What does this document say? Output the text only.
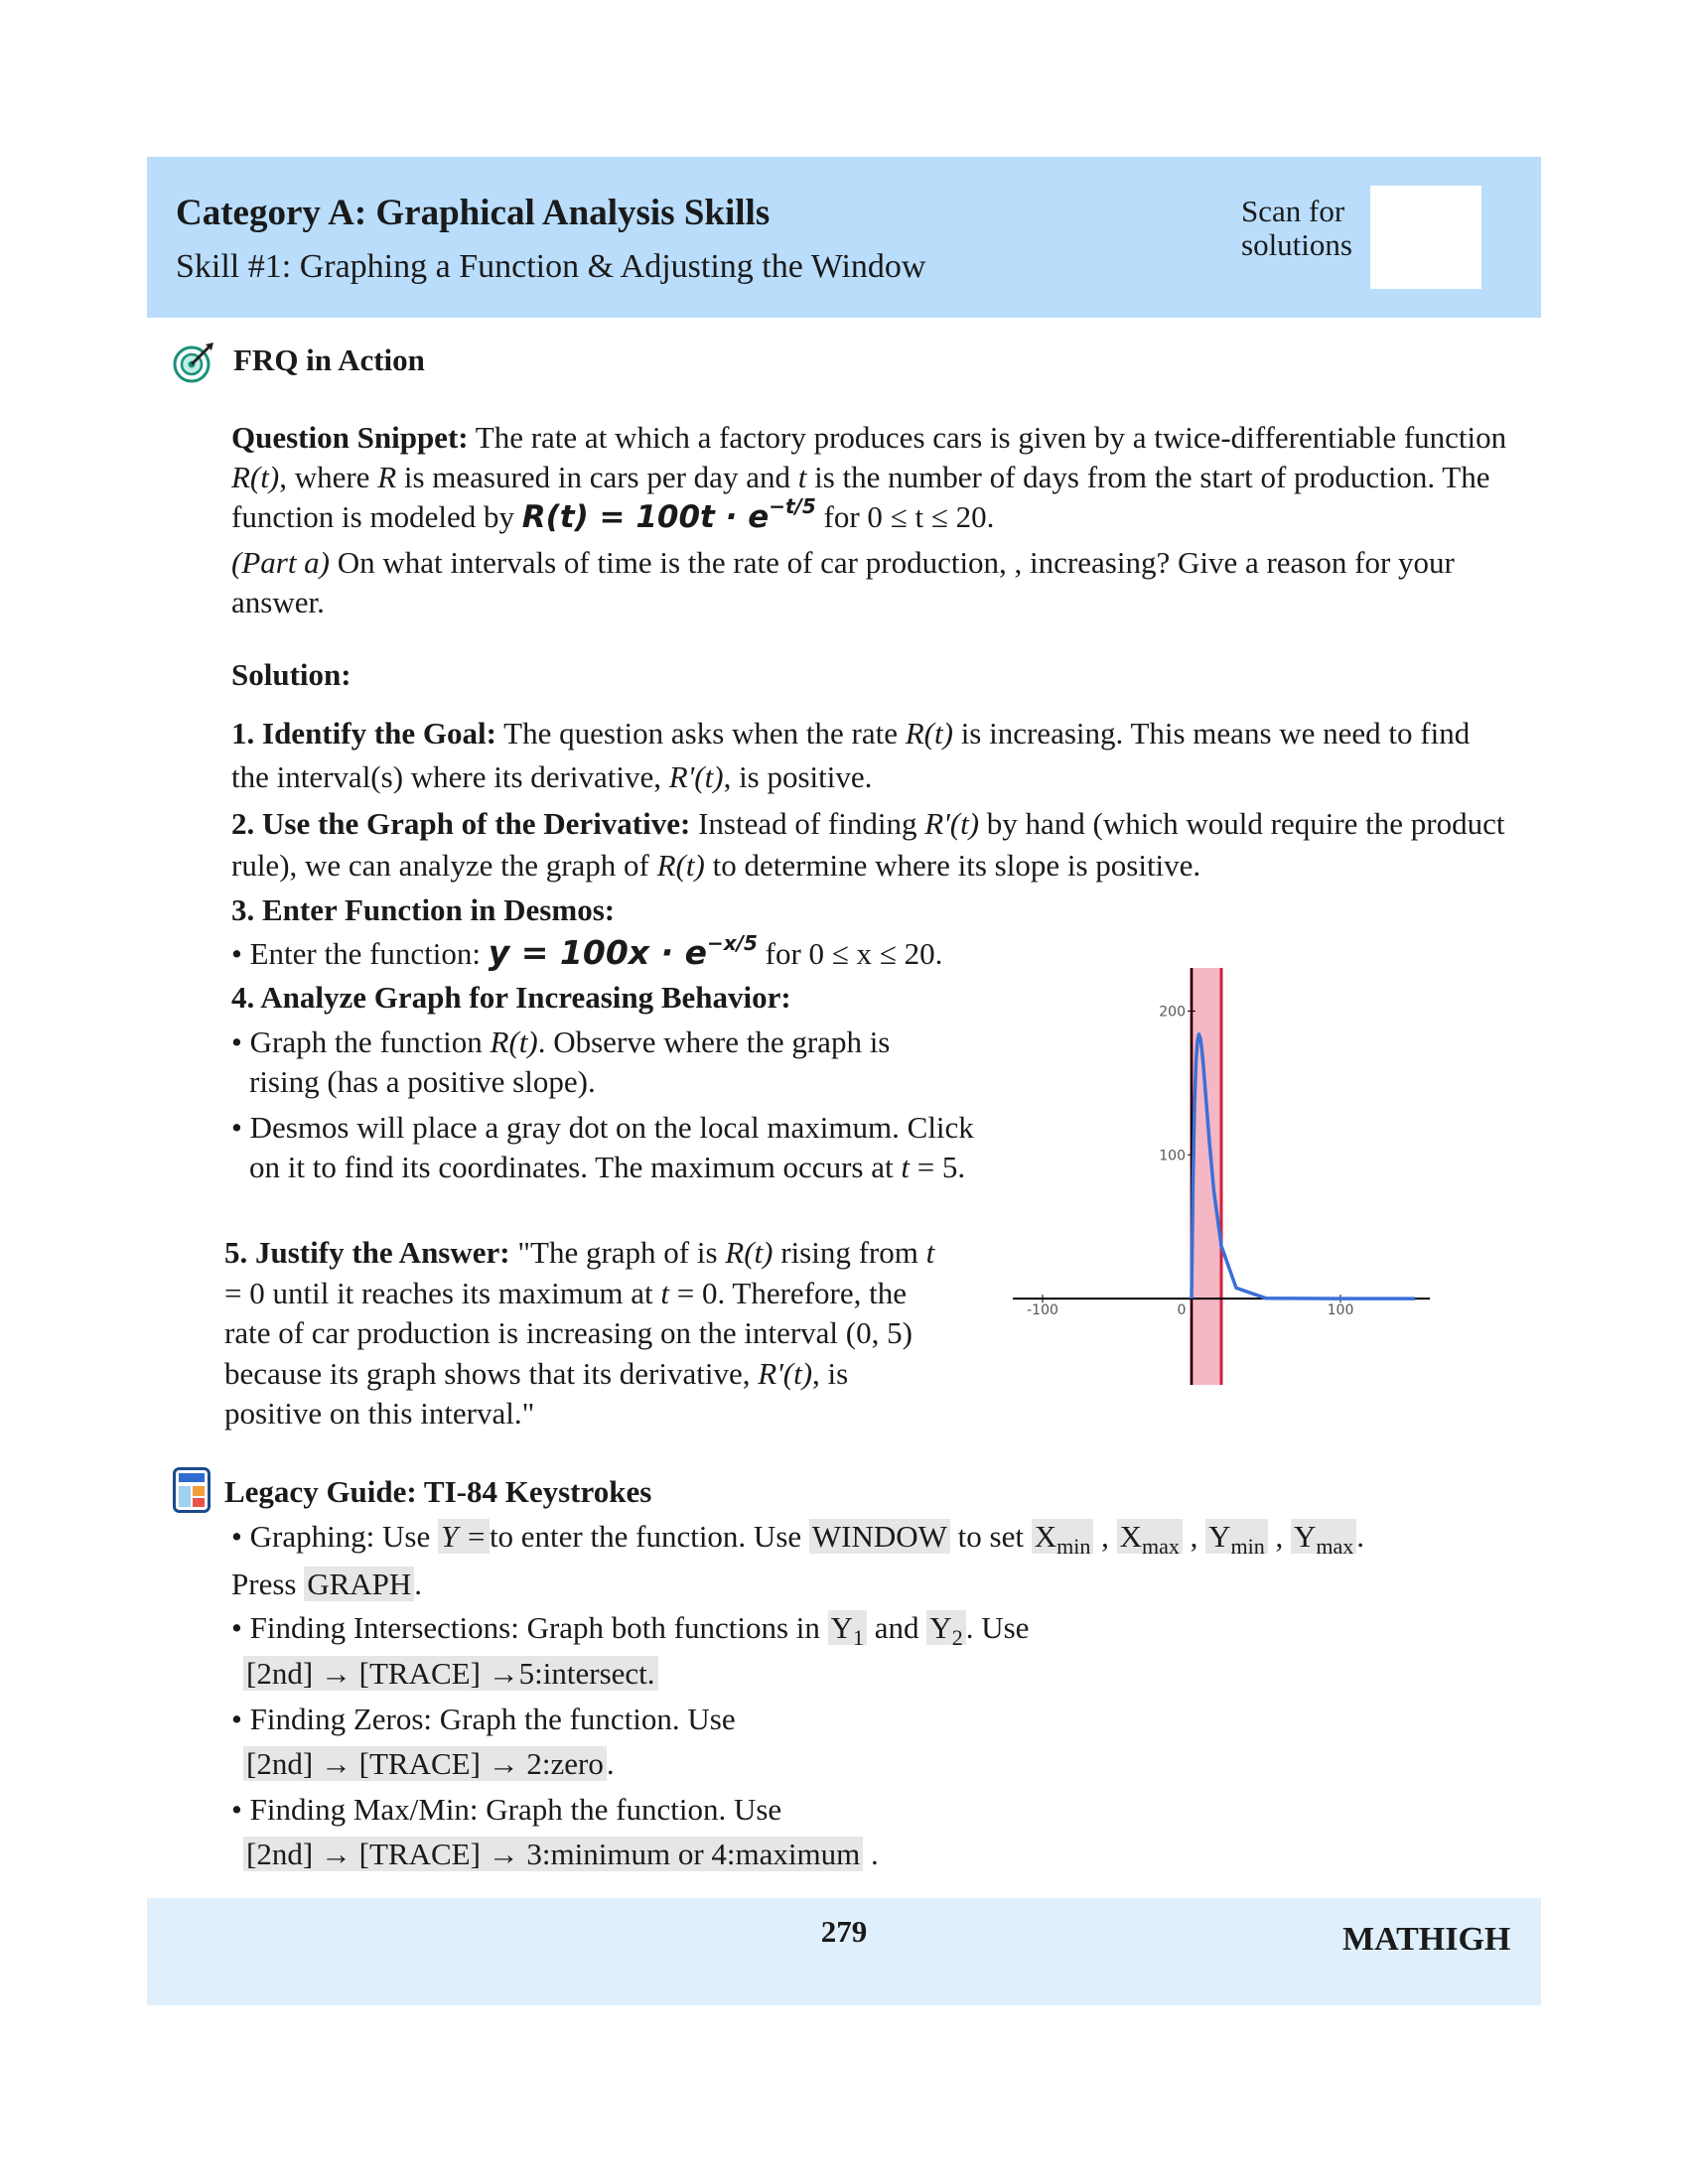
Category A: Graphical Analysis Skills
Skill #1: Graphing a Function & Adjusting the Window
Scan for solutions
FRQ in Action
Question Snippet: The rate at which a factory produces cars is given by a twice-differentiable function R(t), where R is measured in cars per day and t is the number of days from the start of production. The function is modeled by $R(t) = 100t \cdot e^{-t/5}$ for 0 ≤ t ≤ 20.
(Part a) On what intervals of time is the rate of car production, , increasing? Give a reason for your answer.
Solution:
1. Identify the Goal: The question asks when the rate R(t) is increasing. This means we need to find the interval(s) where its derivative, R'(t), is positive.
2. Use the Graph of the Derivative: Instead of finding R'(t) by hand (which would require the product rule), we can analyze the graph of R(t) to determine where its slope is positive.
3. Enter Function in Desmos:
• Enter the function: $y = 100x \cdot e^{-x/5}$ for 0 ≤ x ≤ 20.
4. Analyze Graph for Increasing Behavior:
• Graph the function R(t). Observe where the graph is rising (has a positive slope).
• Desmos will place a gray dot on the local maximum. Click on it to find its coordinates. The maximum occurs at t = 5.
5. Justify the Answer: "The graph of is R(t) rising from t = 0 until it reaches its maximum at t = 0. Therefore, the rate of car production is increasing on the interval (0, 5) because its graph shows that its derivative, R'(t), is positive on this interval."
-100	0	100
100
200
Legacy Guide: TI-84 Keystrokes
• Graphing: Use Y =to enter the function. Use WINDOW to set $X_{min}$ , $X_{max}$ , $Y_{min}$ , $Y_{max}$.
Press GRAPH.
• Finding Intersections: Graph both functions in $Y_1$ and $Y_2$. Use
[2nd] → [TRACE] →5:intersect.
• Finding Zeros: Graph the function. Use
[2nd] → [TRACE] → 2:zero.
• Finding Max/Min: Graph the function. Use
[2nd] → [TRACE] → 3:minimum or 4:maximum .
279	MATHIGH
